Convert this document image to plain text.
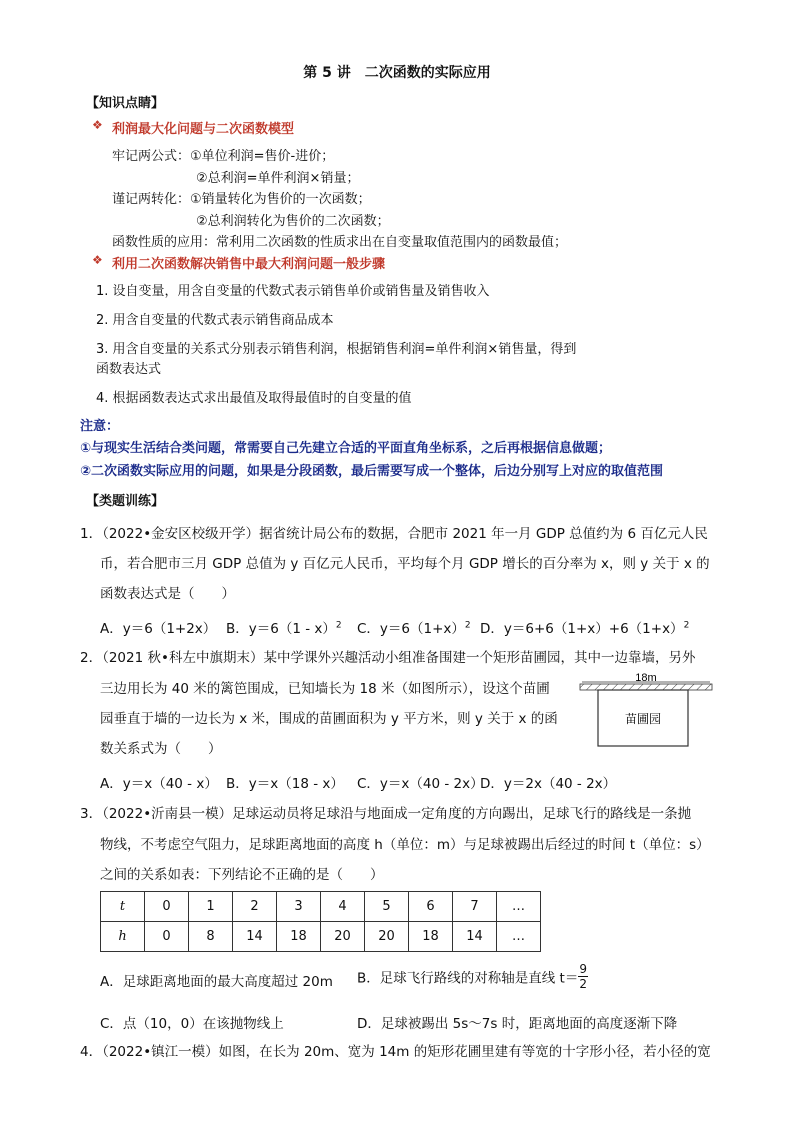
第 5 讲　二次函数的实际应用
【知识点睛】
❖ 利润最大化问题与二次函数模型
牢记两公式：①单位利润=售价-进价；
②总利润=单件利润×销量；
谨记两转化：①销量转化为售价的一次函数；
②总利润转化为售价的二次函数；
函数性质的应用：常利用二次函数的性质求出在自变量取值范围内的函数最值；
❖ 利用二次函数解决销售中最大利润问题一般步骤
1. 设自变量，用含自变量的代数式表示销售单价或销售量及销售收入
2. 用含自变量的代数式表示销售商品成本
3. 用含自变量的关系式分别表示销售利润，根据销售利润=单件利润×销售量，得到
函数表达式
4. 根据函数表达式求出最值及取得最值时的自变量的值
注意：
①与现实生活结合类问题，常需要自己先建立合适的平面直角坐标系，之后再根据信息做题；
②二次函数实际应用的问题，如果是分段函数，最后需要写成一个整体，后边分别写上对应的取值范围
【类题训练】
1．（2022•金安区校级开学）据省统计局公布的数据，合肥市 2021 年一月 GDP 总值约为 6 百亿元人民
币，若合肥市三月 GDP 总值为 y 百亿元人民币，平均每个月 GDP 增长的百分率为 x，则 y 关于 x 的
函数表达式是（　　）
A．y＝6（1+2x） B．y＝6（1 - x）$^2$ C．$y=6(1+x)^2$ D．$y=6+6(1+x)+6(1+x)^2$
2．（2021 秋•科左中旗期末）某中学课外兴趣活动小组准备围建一个矩形苗圃园，其中一边靠墙，另外
三边用长为 40 米的篱笆围成，已知墙长为 18 米（如图所示），设这个苗圃
园垂直于墙的一边长为 x 米，围成的苗圃面积为 y 平方米，则 y 关于 x 的函
数关系式为（　　）
18m
苗圃园
A．y＝x（40 - x） B．y＝x（18 - x） C．y＝x（40 - 2x）
D．y＝2x（40 - 2x）
3．（2022•沂南县一模）足球运动员将足球沿与地面成一定角度的方向踢出，足球飞行的路线是一条抛
物线，不考虑空气阻力，足球距离地面的高度 h（单位：m）与足球被踢出后经过的时间 t（单位：s）
之间的关系如表：下列结论不正确的是（　　）
t	0	1	2	3	4	5	6	7	…
h	0	8	14	18	20	20	18	14	…
A．足球距离地面的最大高度超过 20m B．足球飞行路线的对称轴是直线 $t= \frac{9}{2}$
C．点（10，0）在该抛物线上	D．足球被踢出 5s～7s 时，距离地面的高度逐渐下降
4．（2022•镇江一模）如图，在长为 20m、宽为 14m 的矩形花圃里建有等宽的十字形小径，若小径的宽
